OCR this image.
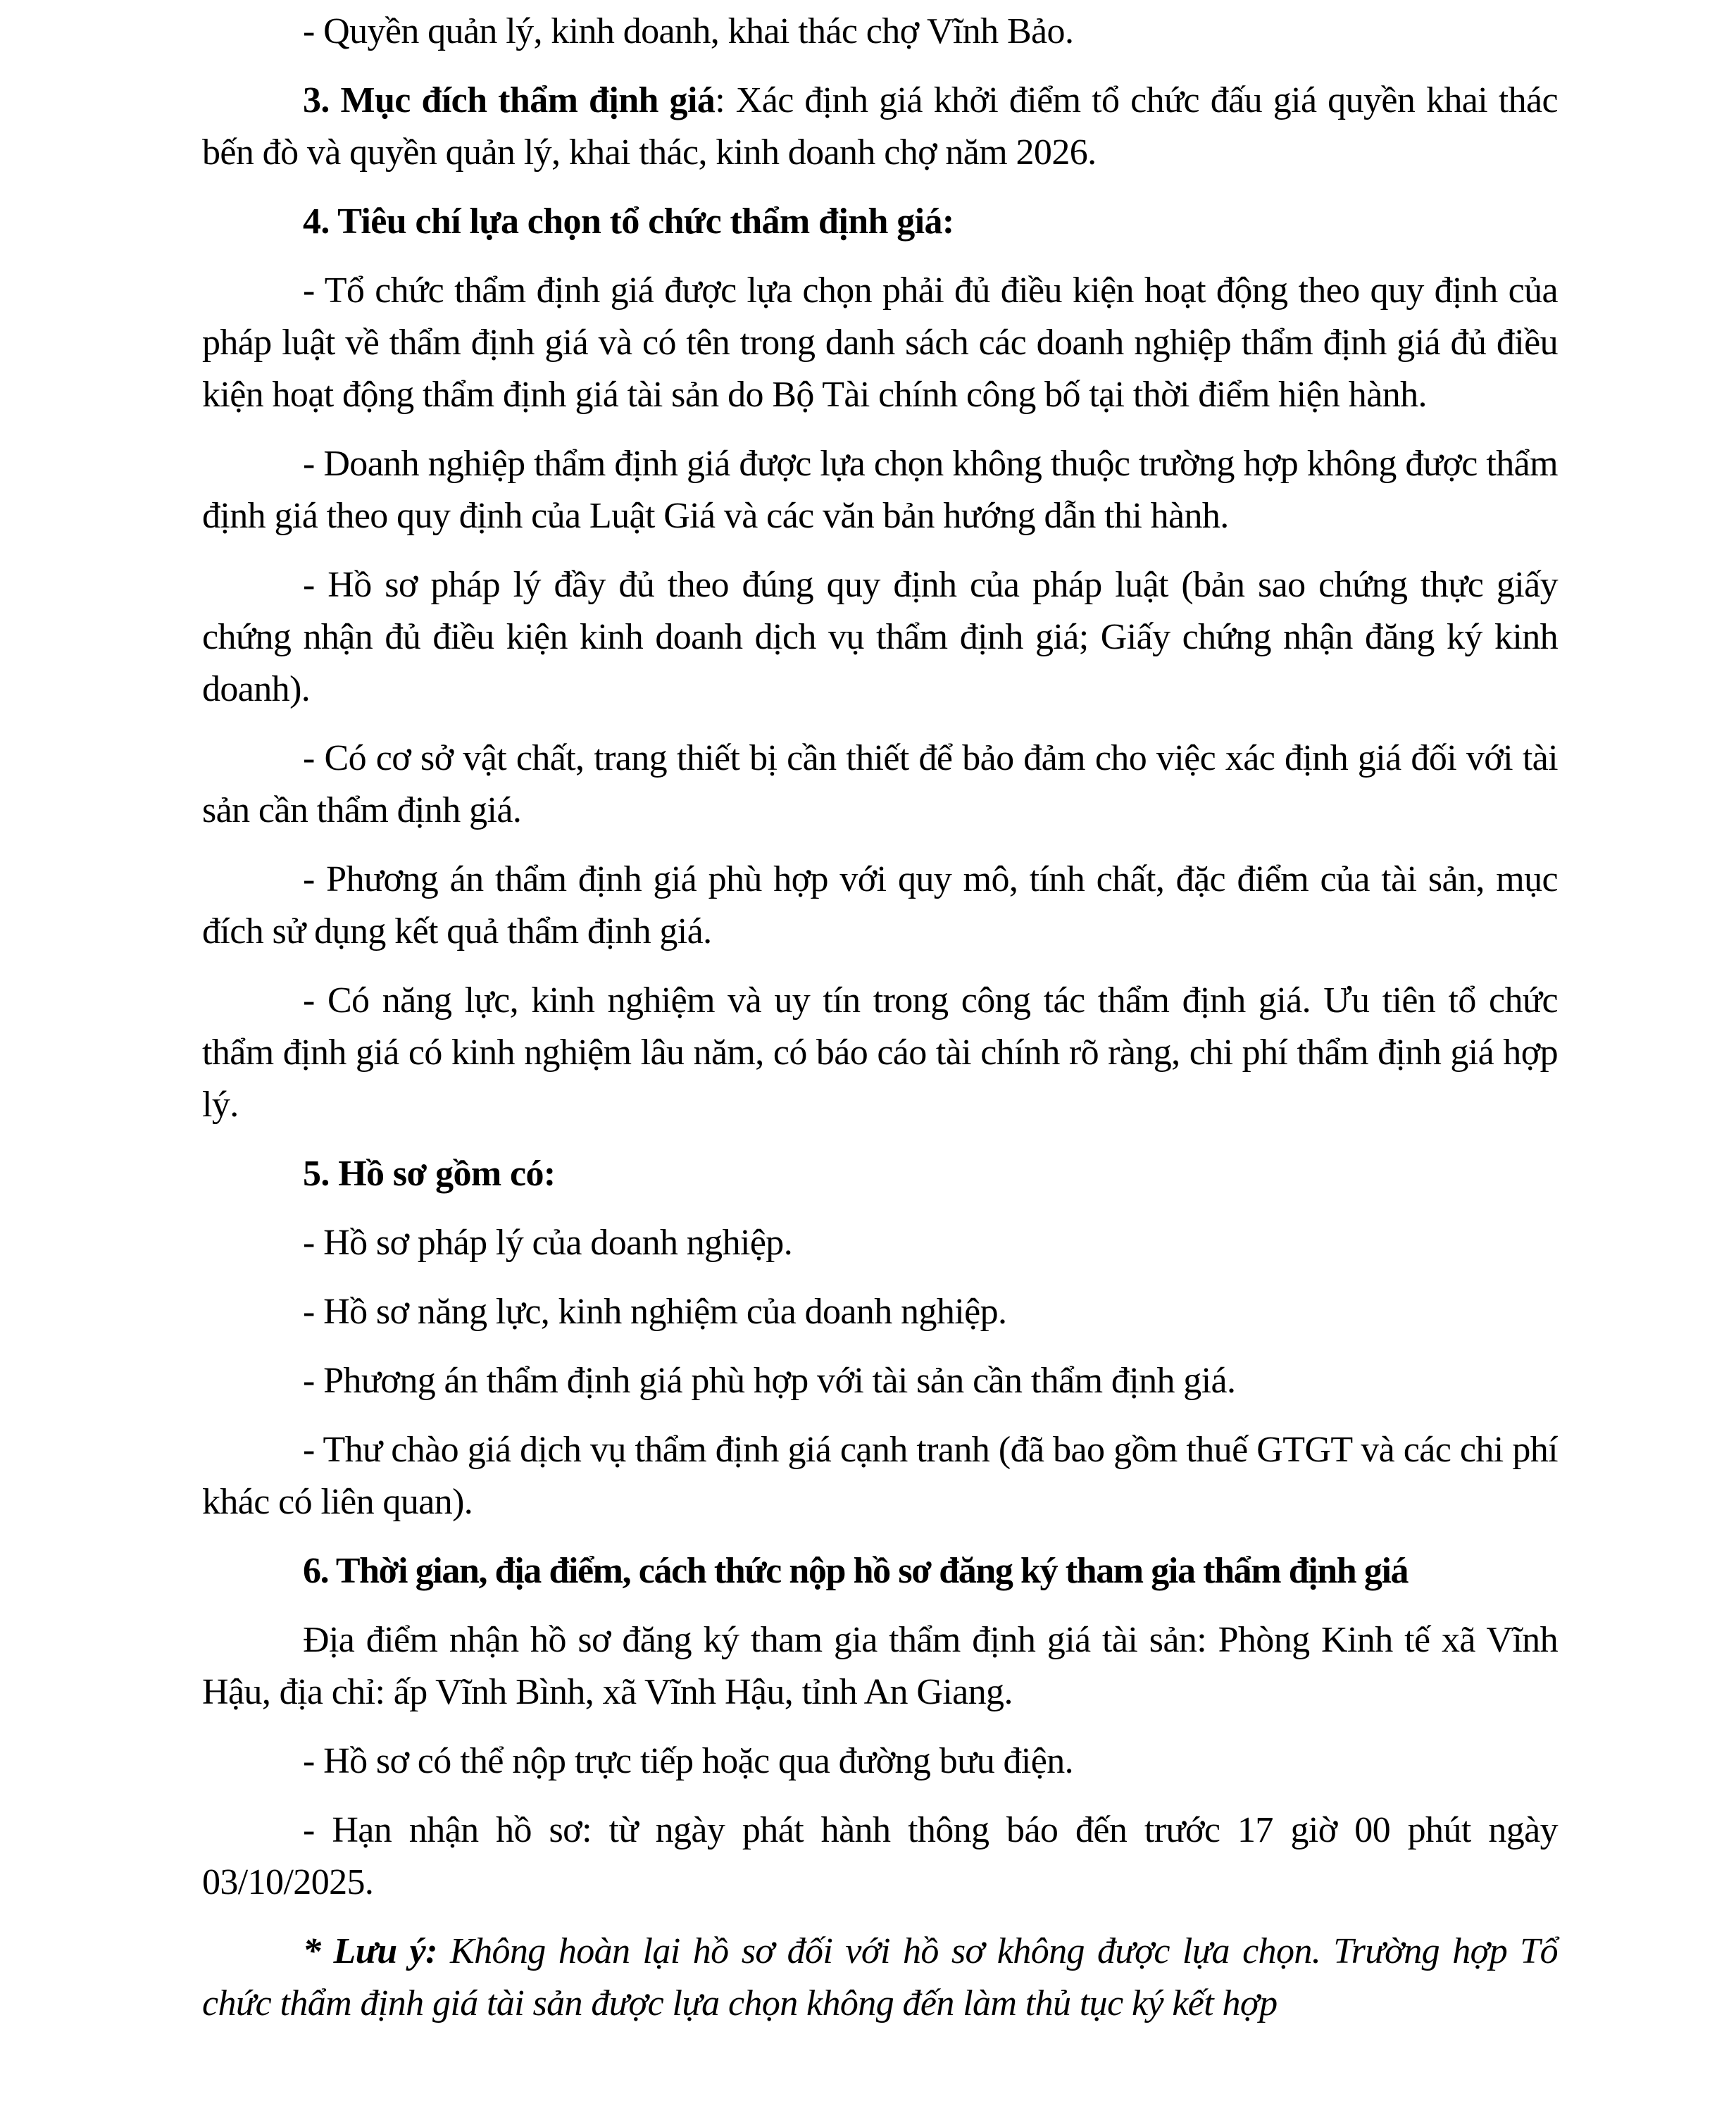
- Quyền quản lý, kinh doanh, khai thác chợ Vĩnh Bảo.

3. Mục đích thẩm định giá: Xác định giá khởi điểm tổ chức đấu giá quyền khai thác bến đò và quyền quản lý, khai thác, kinh doanh chợ năm 2026.

4. Tiêu chí lựa chọn tổ chức thẩm định giá:

- Tổ chức thẩm định giá được lựa chọn phải đủ điều kiện hoạt động theo quy định của pháp luật về thẩm định giá và có tên trong danh sách các doanh nghiệp thẩm định giá đủ điều kiện hoạt động thẩm định giá tài sản do Bộ Tài chính công bố tại thời điểm hiện hành.

- Doanh nghiệp thẩm định giá được lựa chọn không thuộc trường hợp không được thẩm định giá theo quy định của Luật Giá và các văn bản hướng dẫn thi hành.

- Hồ sơ pháp lý đầy đủ theo đúng quy định của pháp luật (bản sao chứng thực giấy chứng nhận đủ điều kiện kinh doanh dịch vụ thẩm định giá; Giấy chứng nhận đăng ký kinh doanh).

- Có cơ sở vật chất, trang thiết bị cần thiết để bảo đảm cho việc xác định giá đối với tài sản cần thẩm định giá.

- Phương án thẩm định giá phù hợp với quy mô, tính chất, đặc điểm của tài sản, mục đích sử dụng kết quả thẩm định giá.

- Có năng lực, kinh nghiệm và uy tín trong công tác thẩm định giá. Ưu tiên tổ chức thẩm định giá có kinh nghiệm lâu năm, có báo cáo tài chính rõ ràng, chi phí thẩm định giá hợp lý.

5. Hồ sơ gồm có:

- Hồ sơ pháp lý của doanh nghiệp.

- Hồ sơ năng lực, kinh nghiệm của doanh nghiệp.

- Phương án thẩm định giá phù hợp với tài sản cần thẩm định giá.

- Thư chào giá dịch vụ thẩm định giá cạnh tranh (đã bao gồm thuế GTGT và các chi phí khác có liên quan).

6. Thời gian, địa điểm, cách thức nộp hồ sơ đăng ký tham gia thẩm định giá

Địa điểm nhận hồ sơ đăng ký tham gia thẩm định giá tài sản: Phòng Kinh tế xã Vĩnh Hậu, địa chỉ: ấp Vĩnh Bình, xã Vĩnh Hậu, tỉnh An Giang.

- Hồ sơ có thể nộp trực tiếp hoặc qua đường bưu điện.

- Hạn nhận hồ sơ: từ ngày phát hành thông báo đến trước 17 giờ 00 phút ngày 03/10/2025.

* Lưu ý: Không hoàn lại hồ sơ đối với hồ sơ không được lựa chọn. Trường hợp Tổ chức thẩm định giá tài sản được lựa chọn không đến làm thủ tục ký kết hợp
